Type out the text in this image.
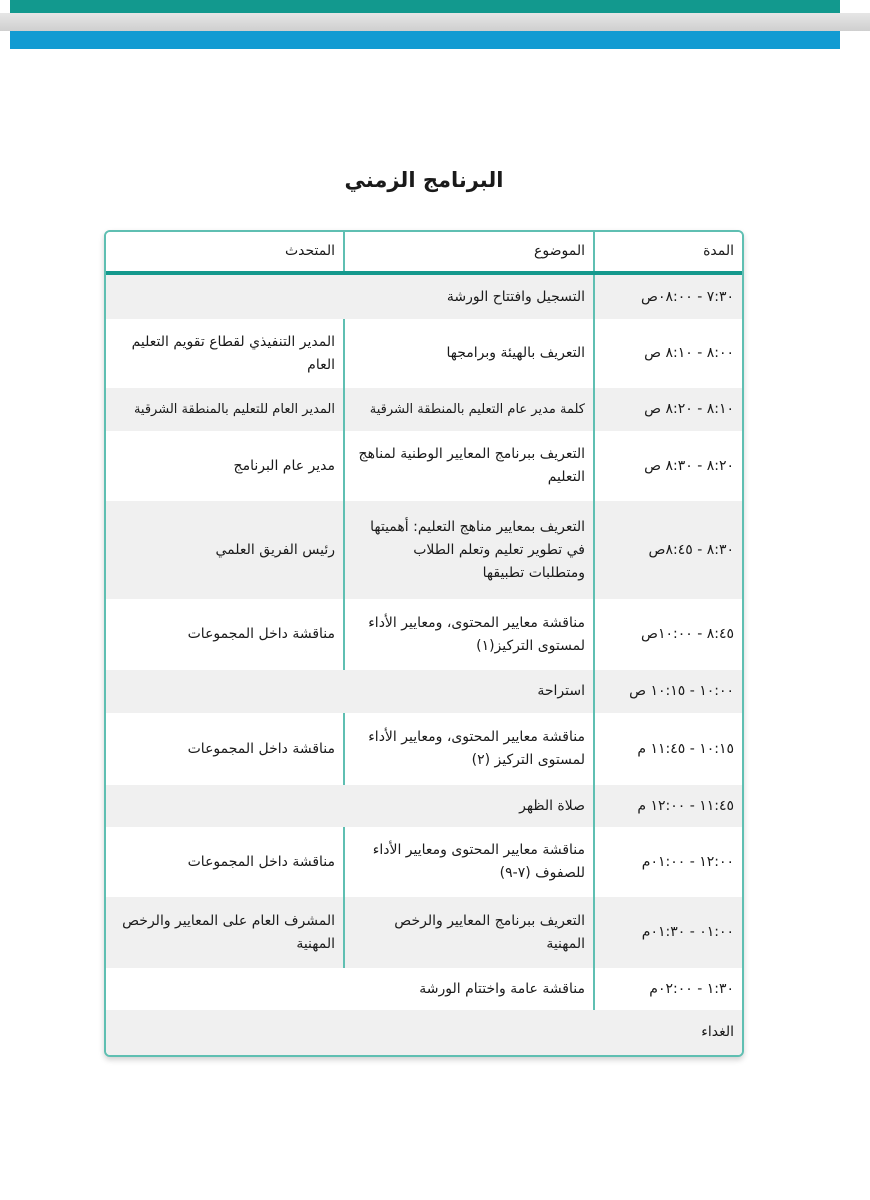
البرنامج الزمني
المدة
الموضوع
المتحدث
٧:٣٠ - ٠٨:٠٠ص
التسجيل وافتتاح الورشة
٨:٠٠ - ٨:١٠ ص
التعريف بالهيئة وبرامجها
المدير التنفيذي لقطاع تقويم التعليم العام
٨:١٠ - ٨:٢٠ ص
كلمة مدير عام التعليم بالمنطقة الشرقية
المدير العام للتعليم بالمنطقة الشرقية
٨:٢٠ - ٨:٣٠ ص
التعريف ببرنامج المعايير الوطنية لمناهج التعليم
مدير عام البرنامج
٨:٣٠ - ٨:٤٥ص
التعريف بمعايير مناهج التعليم: أهميتها في تطوير تعليم وتعلم الطلاب ومتطلبات تطبيقها
رئيس الفريق العلمي
٨:٤٥ - ١٠:٠٠ص
مناقشة معايير المحتوى، ومعايير الأداء لمستوى التركيز(١)
مناقشة داخل المجموعات
١٠:٠٠ - ١٠:١٥ ص
استراحة
١٠:١٥ - ١١:٤٥ م
مناقشة معايير المحتوى، ومعايير الأداء لمستوى التركيز (٢)
مناقشة داخل المجموعات
١١:٤٥ - ١٢:٠٠ م
صلاة الظهر
١٢:٠٠ - ٠١:٠٠م
مناقشة معايير المحتوى ومعايير الأداء للصفوف (٧-٩)
مناقشة داخل المجموعات
٠١:٠٠ - ٠١:٣٠م
التعريف ببرنامج المعايير والرخص المهنية
المشرف العام على المعايير والرخص المهنية
١:٣٠ - ٠٢:٠٠م
مناقشة عامة واختتام الورشة
الغداء
